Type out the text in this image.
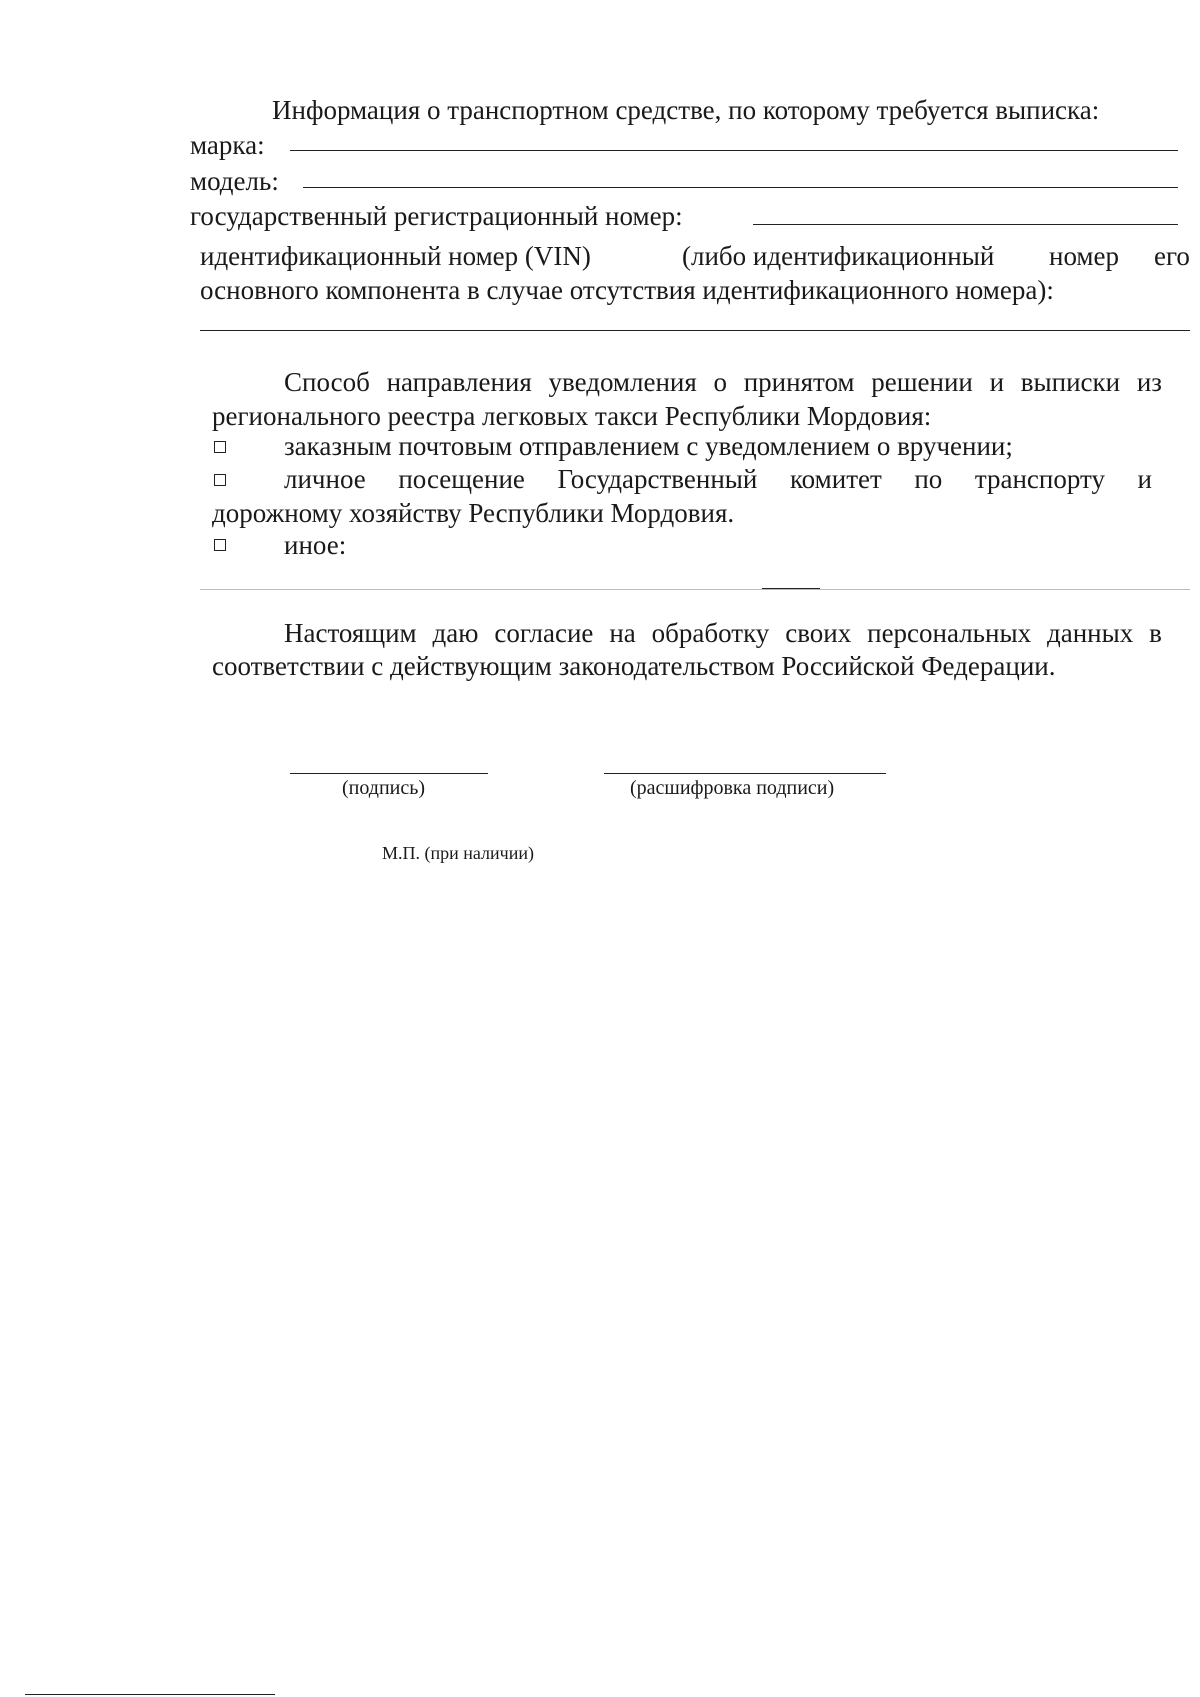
Информация о транспортном средстве, по которому требуется выписка:
марка:
модель:
государственный регистрационный номер:
идентификационный номер (VIN)	(либо идентификационный номер его
основного компонента в случае отсутствия идентификационного номера):
Способ направления уведомления о принятом решении и выписки из
регионального реестра легковых такси Республики Мордовия:
заказным почтовым отправлением с уведомлением о вручении;
личное посещение Государственный комитет по транспорту и
дорожному хозяйству Республики Мордовия.
иное:
Настоящим даю согласие на обработку своих персональных данных в
соответствии с действующим законодательством Российской Федерации.
(подпись)	(расшифровка подписи)
М.П. (при наличии)
